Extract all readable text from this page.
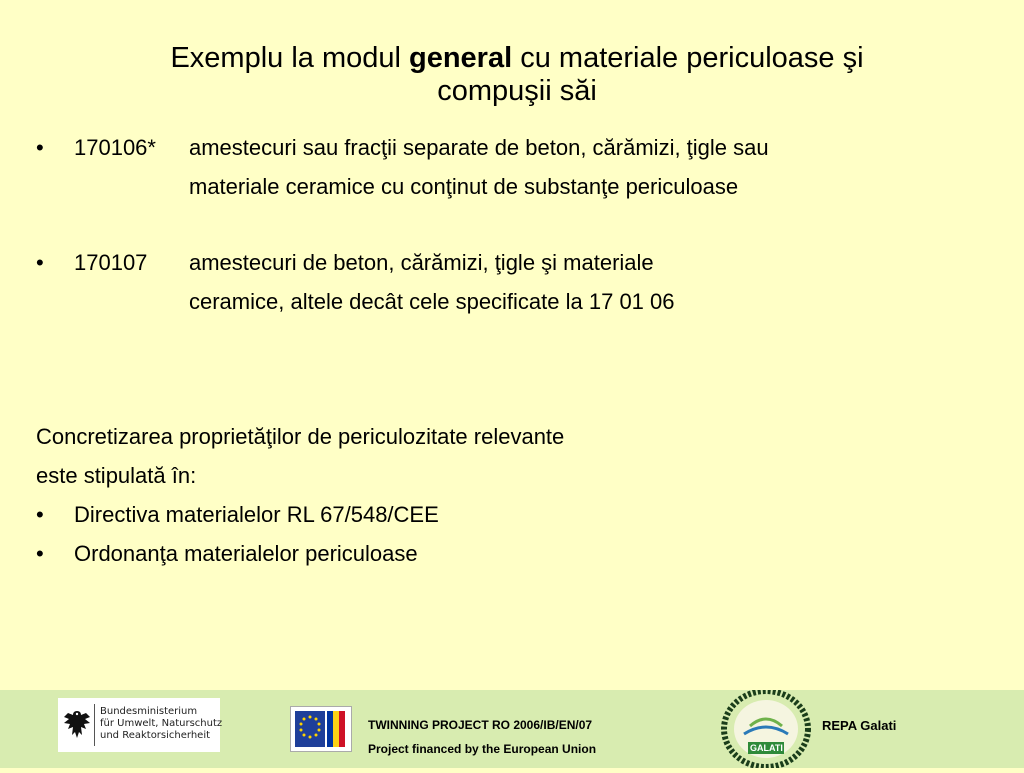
Exemplu la modul general cu materiale periculoase şi
compuşii săi
• 170106* amestecuri sau fracţii separate de beton, cărămizi, ţigle sau
materiale ceramice cu conţinut de substanţe periculoase
• 170107 amestecuri de beton, cărămizi, ţigle şi materiale
ceramice, altele decât cele specificate la 17 01 06
Concretizarea proprietăţilor de periculozitate relevante
este stipulată în:
• Directiva materialelor RL 67/548/CEE
• Ordonanţa materialelor periculoase
Bundesministerium
für Umwelt, Naturschutz
und Reaktorsicherheit
TWINNING PROJECT RO 2006/IB/EN/07
Project financed by the European Union	GALATI
REPA Galati
